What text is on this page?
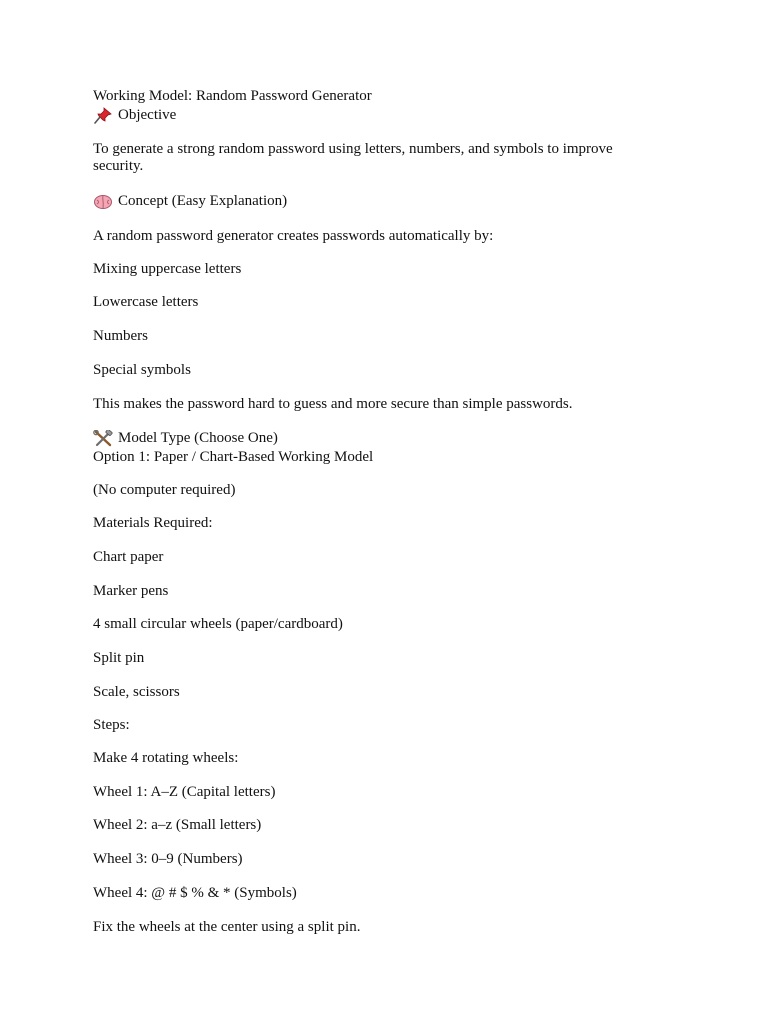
Working Model: Random Password Generator
Objective
To generate a strong random password using letters, numbers, and symbols to improve security.
Concept (Easy Explanation)
A random password generator creates passwords automatically by:
Mixing uppercase letters
Lowercase letters
Numbers
Special symbols
This makes the password hard to guess and more secure than simple passwords.
Model Type (Choose One)
Option 1: Paper / Chart-Based Working Model
(No computer required)
Materials Required:
Chart paper
Marker pens
4 small circular wheels (paper/cardboard)
Split pin
Scale, scissors
Steps:
Make 4 rotating wheels:
Wheel 1: A–Z (Capital letters)
Wheel 2: a–z (Small letters)
Wheel 3: 0–9 (Numbers)
Wheel 4: @ # $ % & * (Symbols)
Fix the wheels at the center using a split pin.
